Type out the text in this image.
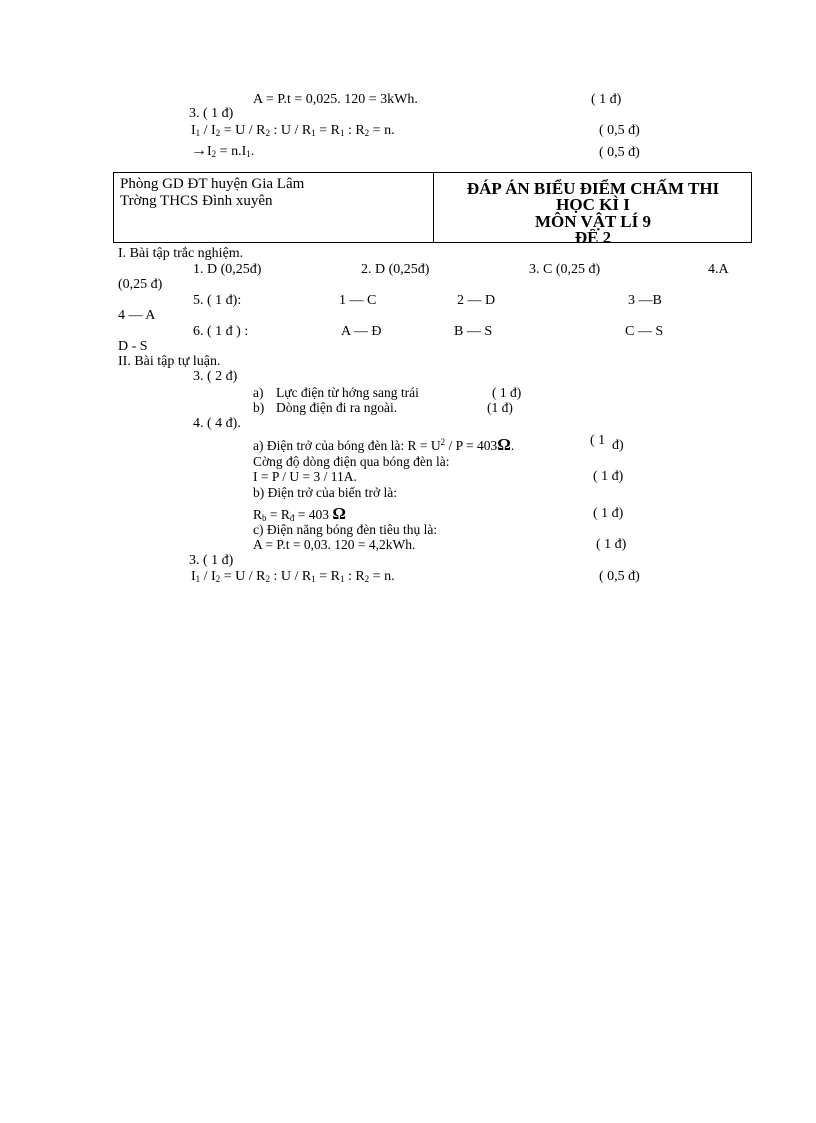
A = P.t = 0,025. 120 = 3kWh.	( 1 đ)
3. ( 1 đ)
$I_1 / I_2 = U / R_2$ : $U / R_1 = R_1$ : $R_2 = n$.	( 0,5 đ)
$\to I_2 = n.I_1$.	( 0,5 đ)
Phòng GD ĐT huyện Gia Lâm
Trờng THCS Đình xuyên
ĐÁP ÁN BIỂU ĐIỂM CHẤM THI
HỌC KÌ I
MÔN VẬT LÍ 9
ĐỀ 2
I. Bài tập trắc nghiệm.
1. D (0,25đ)	2. D (0,25đ)	3. C (0,25 đ)	4.A
(0,25 đ)
5. ( 1 đ):	1 — C	2 — D	3 —B
4 — A
6. ( 1 đ ) :	A — Đ	B — S	C — S
D - S
II. Bài tập tự luận.
3. ( 2 đ)
a) Lực điện từ hớng sang trái	( 1 đ)
b) Dòng điện đi ra ngoài.	(1 đ)
4. ( 4 đ).
a) Điện trở của bóng đèn là: $R = U^2 / P = 403\Omega$.	( 1 đ)
Cờng độ dòng điện qua bóng đèn là:
I = P / U = 3 / 11A.	( 1 đ)
b) Điện trở của biến trở là:
$R_b = R_đ = 403$ Ω	( 1 đ)
c) Điện năng bóng đèn tiêu thụ là:
A = P.t = 0,03. 120 = 4,2kWh.	( 1 đ)
3. ( 1 đ)
$I_1 / I_2 = U / R_2$ : $U / R_1 = R_1$ : $R_2 = n$.	( 0,5 đ)
